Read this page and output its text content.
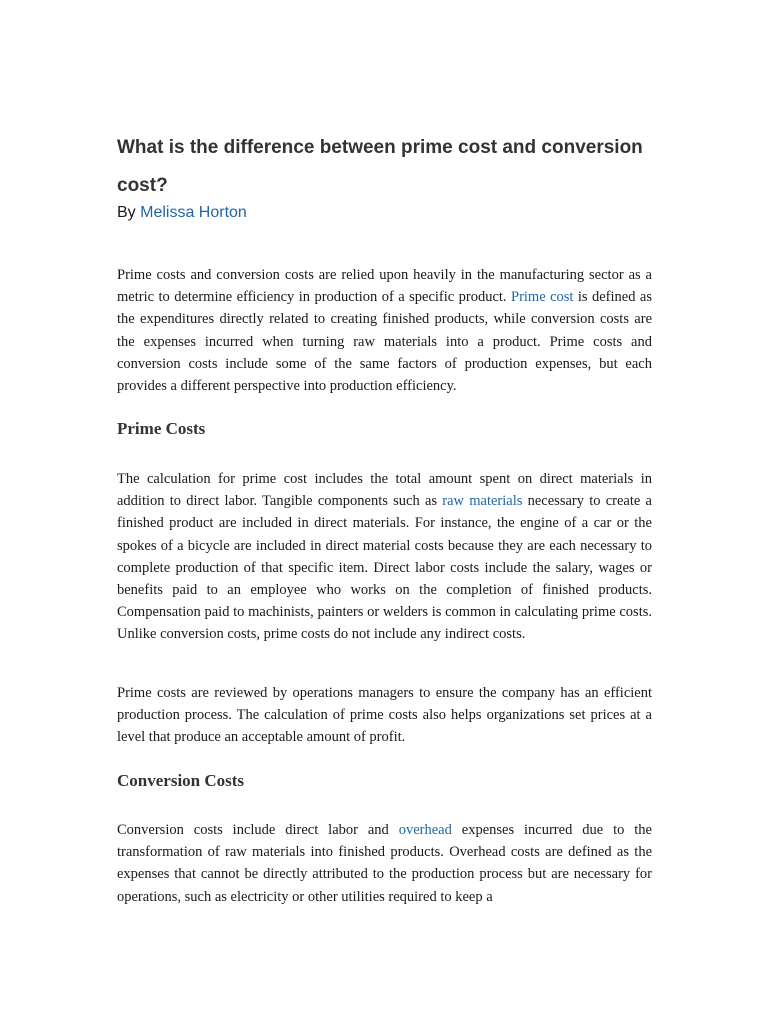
What is the difference between prime cost and conversion cost?
By Melissa Horton

Prime costs and conversion costs are relied upon heavily in the manufacturing sector as a metric to determine efficiency in production of a specific product. Prime cost is defined as the expenditures directly related to creating finished products, while conversion costs are the expenses incurred when turning raw materials into a product. Prime costs and conversion costs include some of the same factors of production expenses, but each provides a different perspective into production efficiency.

Prime Costs

The calculation for prime cost includes the total amount spent on direct materials in addition to direct labor. Tangible components such as raw materials necessary to create a finished product are included in direct materials. For instance, the engine of a car or the spokes of a bicycle are included in direct material costs because they are each necessary to complete production of that specific item. Direct labor costs include the salary, wages or benefits paid to an employee who works on the completion of finished products. Compensation paid to machinists, painters or welders is common in calculating prime costs. Unlike conversion costs, prime costs do not include any indirect costs.

Prime costs are reviewed by operations managers to ensure the company has an efficient production process. The calculation of prime costs also helps organizations set prices at a level that produce an acceptable amount of profit.

Conversion Costs

Conversion costs include direct labor and overhead expenses incurred due to the transformation of raw materials into finished products. Overhead costs are defined as the expenses that cannot be directly attributed to the production process but are necessary for operations, such as electricity or other utilities required to keep a
